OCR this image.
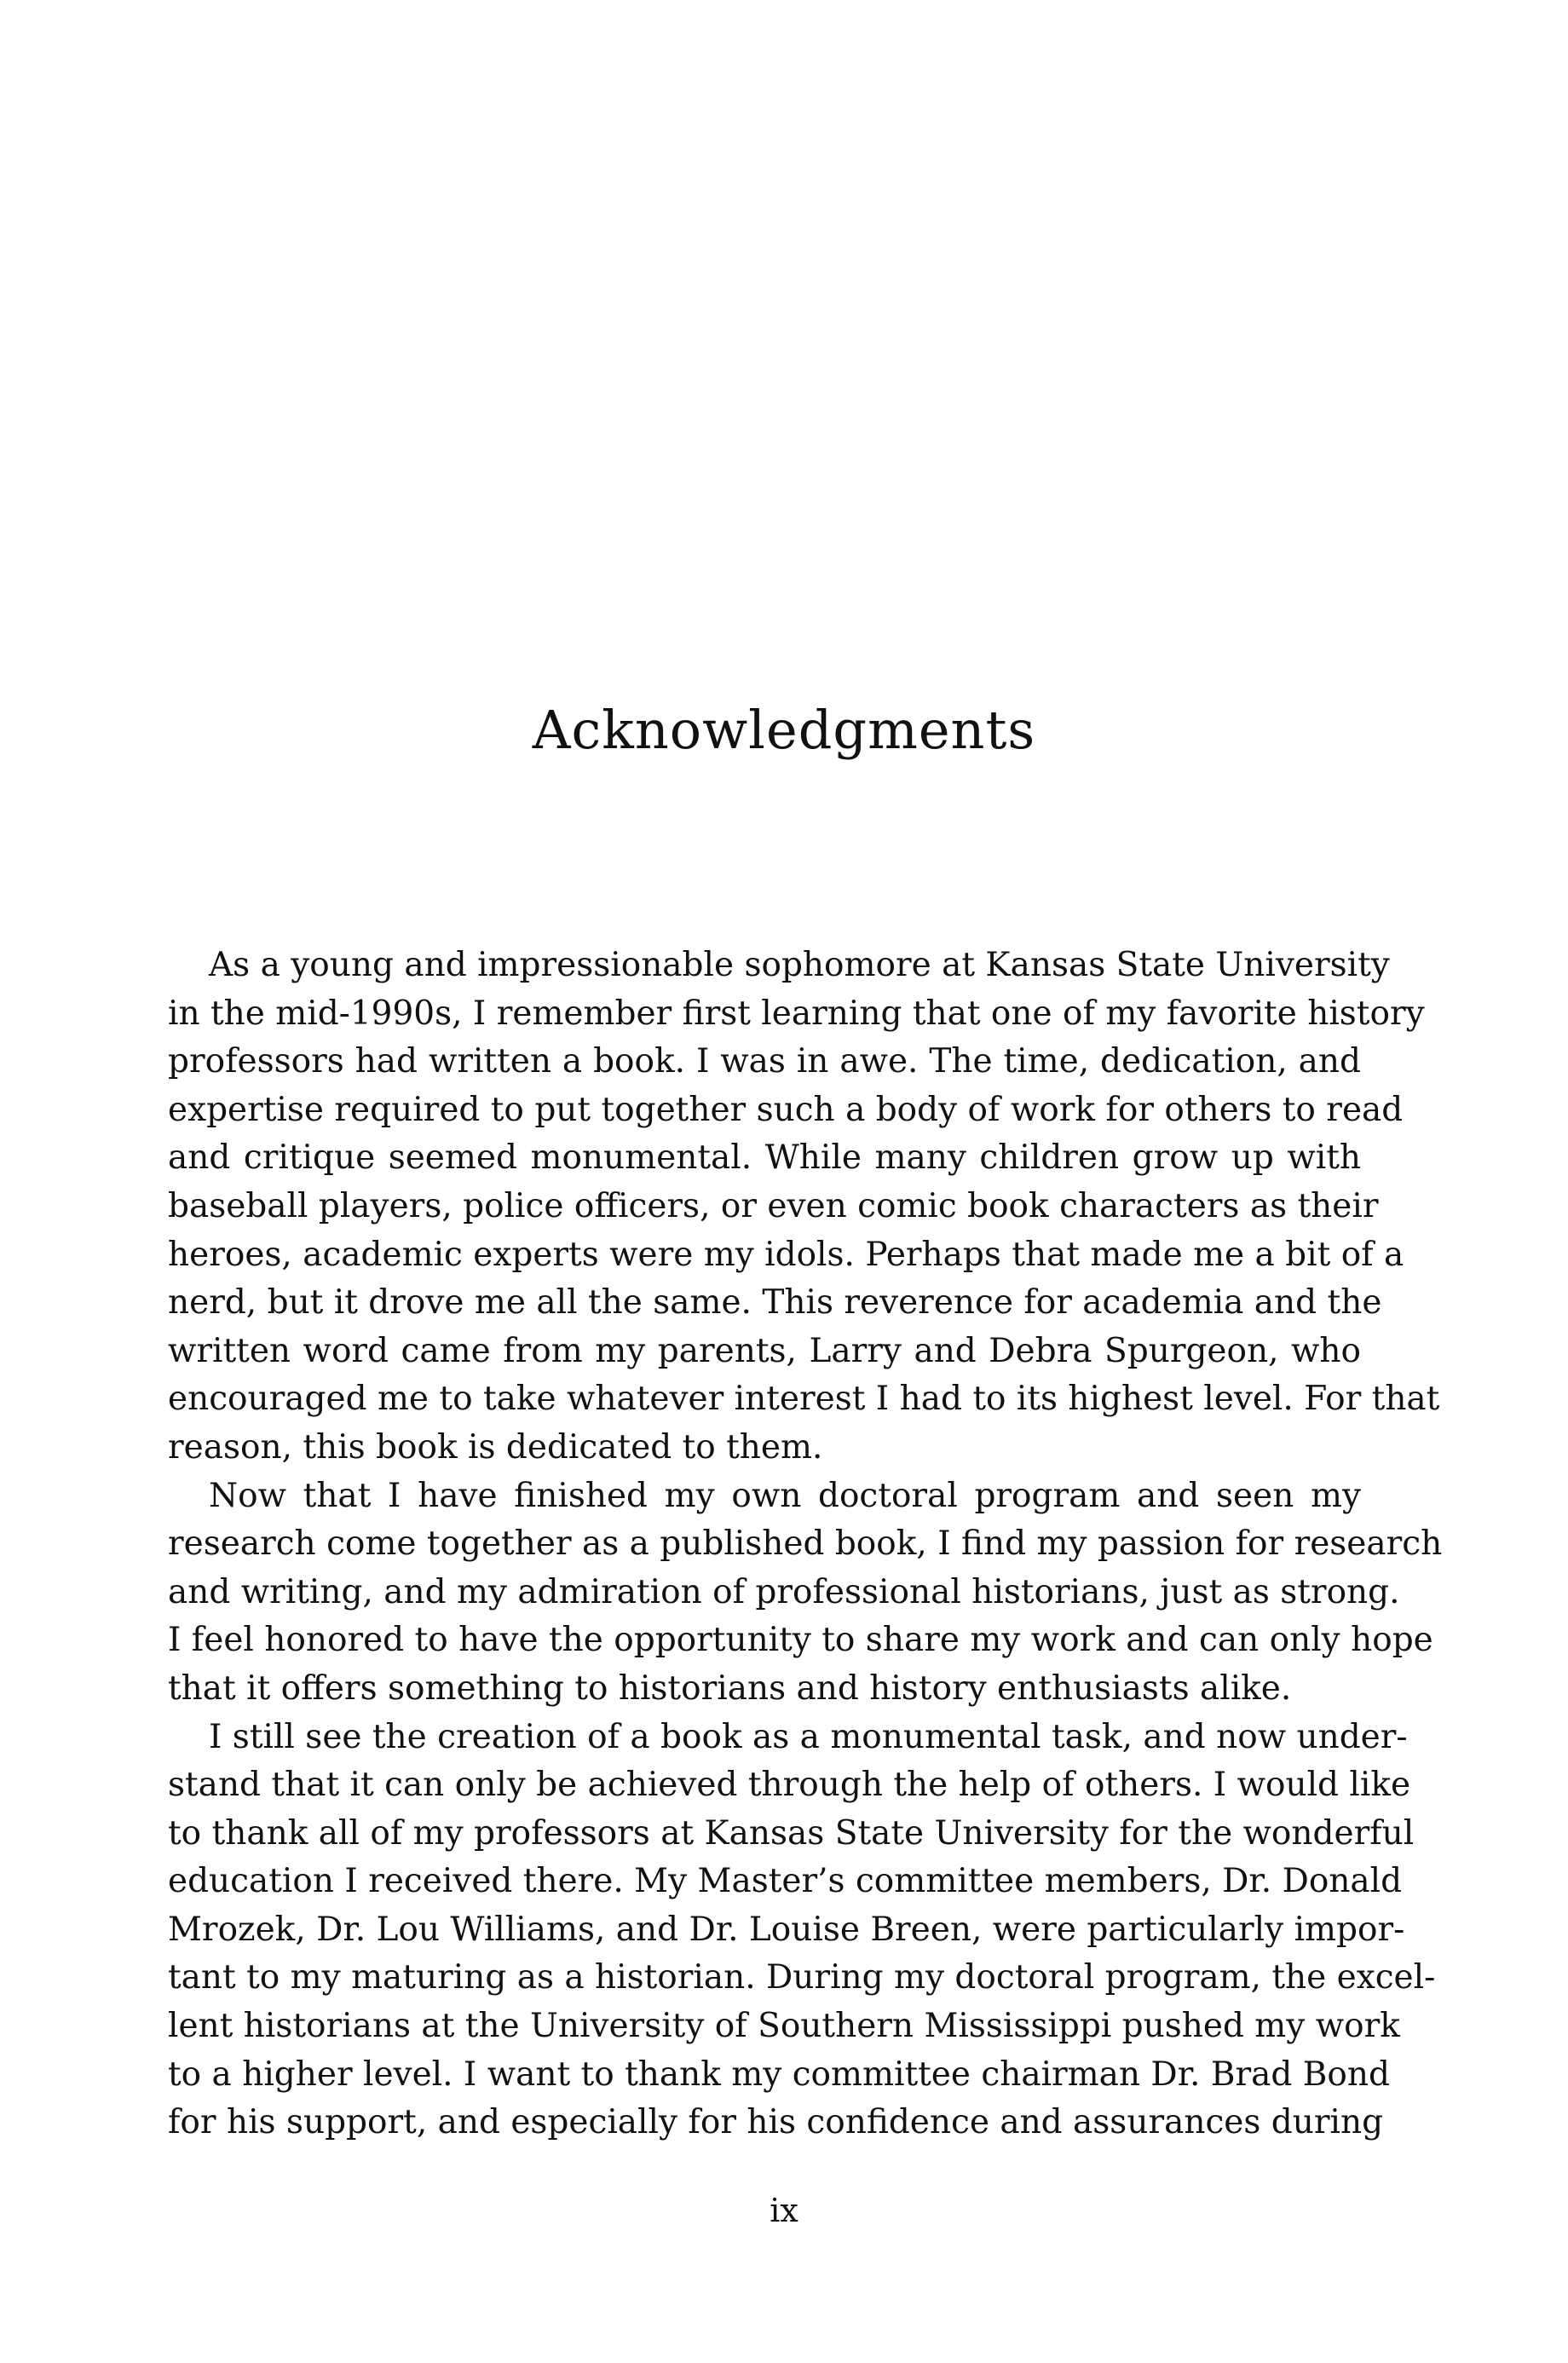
Acknowledgments
As a young and impressionable sophomore at Kansas State University
in the mid-1990s, I remember first learning that one of my favorite history
professors had written a book. I was in awe. The time, dedication, and
expertise required to put together such a body of work for others to read
and critique seemed monumental. While many children grow up with
baseball players, police officers, or even comic book characters as their
heroes, academic experts were my idols. Perhaps that made me a bit of a
nerd, but it drove me all the same. This reverence for academia and the
written word came from my parents, Larry and Debra Spurgeon, who
encouraged me to take whatever interest I had to its highest level. For that
reason, this book is dedicated to them.
Now that I have finished my own doctoral program and seen my
research come together as a published book, I find my passion for research
and writing, and my admiration of professional historians, just as strong.
I feel honored to have the opportunity to share my work and can only hope
that it offers something to historians and history enthusiasts alike.
I still see the creation of a book as a monumental task, and now under-
stand that it can only be achieved through the help of others. I would like
to thank all of my professors at Kansas State University for the wonderful
education I received there. My Master’s committee members, Dr. Donald
Mrozek, Dr. Lou Williams, and Dr. Louise Breen, were particularly impor-
tant to my maturing as a historian. During my doctoral program, the excel-
lent historians at the University of Southern Mississippi pushed my work
to a higher level. I want to thank my committee chairman Dr. Brad Bond
for his support, and especially for his confidence and assurances during

ix
